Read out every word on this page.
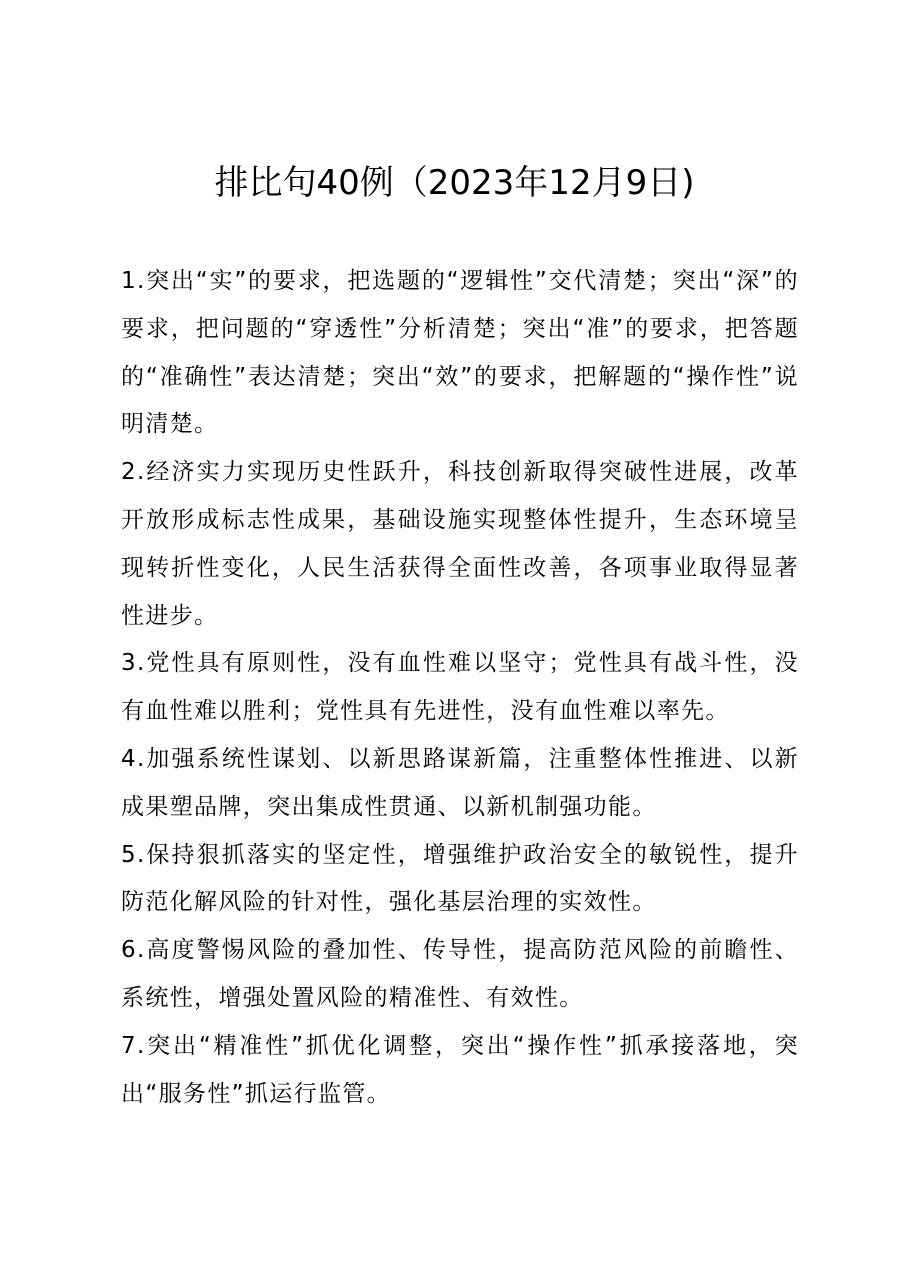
排比句40例（2023年12月9日)

1.突出“实”的要求，把选题的“逻辑性”交代清楚；突出“深”的要求，把问题的“穿透性”分析清楚；突出“准”的要求，把答题的“准确性”表达清楚；突出“效”的要求，把解题的“操作性”说明清楚。

2.经济实力实现历史性跃升，科技创新取得突破性进展，改革开放形成标志性成果，基础设施实现整体性提升，生态环境呈现转折性变化，人民生活获得全面性改善，各项事业取得显著性进步。

3.党性具有原则性，没有血性难以坚守；党性具有战斗性，没有血性难以胜利；党性具有先进性，没有血性难以率先。

4.加强系统性谋划、以新思路谋新篇，注重整体性推进、以新成果塑品牌，突出集成性贯通、以新机制强功能。

5.保持狠抓落实的坚定性，增强维护政治安全的敏锐性，提升防范化解风险的针对性，强化基层治理的实效性。

6.高度警惕风险的叠加性、传导性，提高防范风险的前瞻性、系统性，增强处置风险的精准性、有效性。

7.突出“精准性”抓优化调整，突出“操作性”抓承接落地，突出“服务性”抓运行监管。
